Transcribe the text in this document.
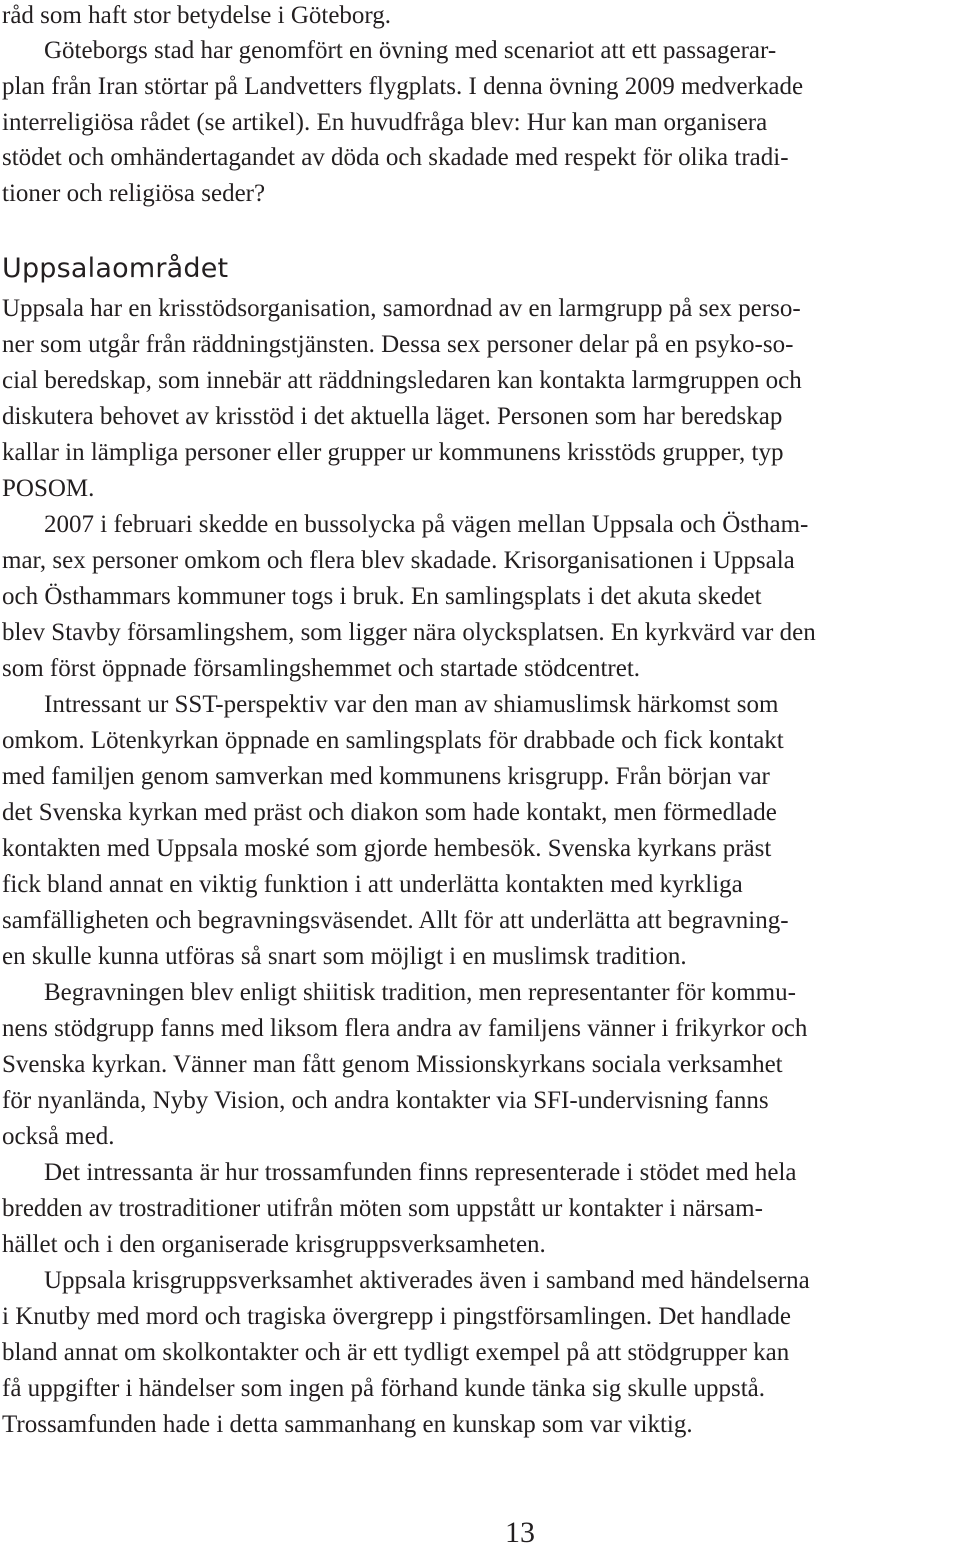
råd som haft stor betydelse i Göteborg.
Göteborgs stad har genomfört en övning med scenariot att ett passagerar-
plan från Iran störtar på Landvetters flygplats. I denna övning 2009 medverkade
interreligiösa rådet (se artikel). En huvudfråga blev: Hur kan man organisera
stödet och omhändertagandet av döda och skadade med respekt för olika tradi-
tioner och religiösa seder?
Uppsalaområdet
Uppsala har en krisstödsorganisation, samordnad av en larmgrupp på sex perso-
ner som utgår från räddningstjänsten. Dessa sex personer delar på en psyko-so-
cial beredskap, som innebär att räddningsledaren kan kontakta larmgruppen och
diskutera behovet av krisstöd i det aktuella läget. Personen som har beredskap
kallar in lämpliga personer eller grupper ur kommunens krisstöds grupper, typ
POSOM.
2007 i februari skedde en bussolycka på vägen mellan Uppsala och Östham-
mar, sex personer omkom och flera blev skadade. Krisorganisationen i Uppsala
och Östhammars kommuner togs i bruk. En samlingsplats i det akuta skedet
blev Stavby församlingshem, som ligger nära olycksplatsen. En kyrkvärd var den
som först öppnade församlingshemmet och startade stödcentret.
Intressant ur SST-perspektiv var den man av shiamuslimsk härkomst som
omkom. Lötenkyrkan öppnade en samlingsplats för drabbade och fick kontakt
med familjen genom samverkan med kommunens krisgrupp. Från början var
det Svenska kyrkan med präst och diakon som hade kontakt, men förmedlade
kontakten med Uppsala moské som gjorde hembesök. Svenska kyrkans präst
fick bland annat en viktig funktion i att underlätta kontakten med kyrkliga
samfälligheten och begravningsväsendet. Allt för att underlätta att begravning-
en skulle kunna utföras så snart som möjligt i en muslimsk tradition.
Begravningen blev enligt shiitisk tradition, men representanter för kommu-
nens stödgrupp fanns med liksom flera andra av familjens vänner i frikyrkor och
Svenska kyrkan. Vänner man fått genom Missionskyrkans sociala verksamhet
för nyanlända, Nyby Vision, och andra kontakter via SFI-undervisning fanns
också med.
Det intressanta är hur trossamfunden finns representerade i stödet med hela
bredden av trostraditioner utifrån möten som uppstått ur kontakter i närsam-
hället och i den organiserade krisgruppsverksamheten.
Uppsala krisgruppsverksamhet aktiverades även i samband med händelserna
i Knutby med mord och tragiska övergrepp i pingstförsamlingen. Det handlade
bland annat om skolkontakter och är ett tydligt exempel på att stödgrupper kan
få uppgifter i händelser som ingen på förhand kunde tänka sig skulle uppstå.
Trossamfunden hade i detta sammanhang en kunskap som var viktig.
13
